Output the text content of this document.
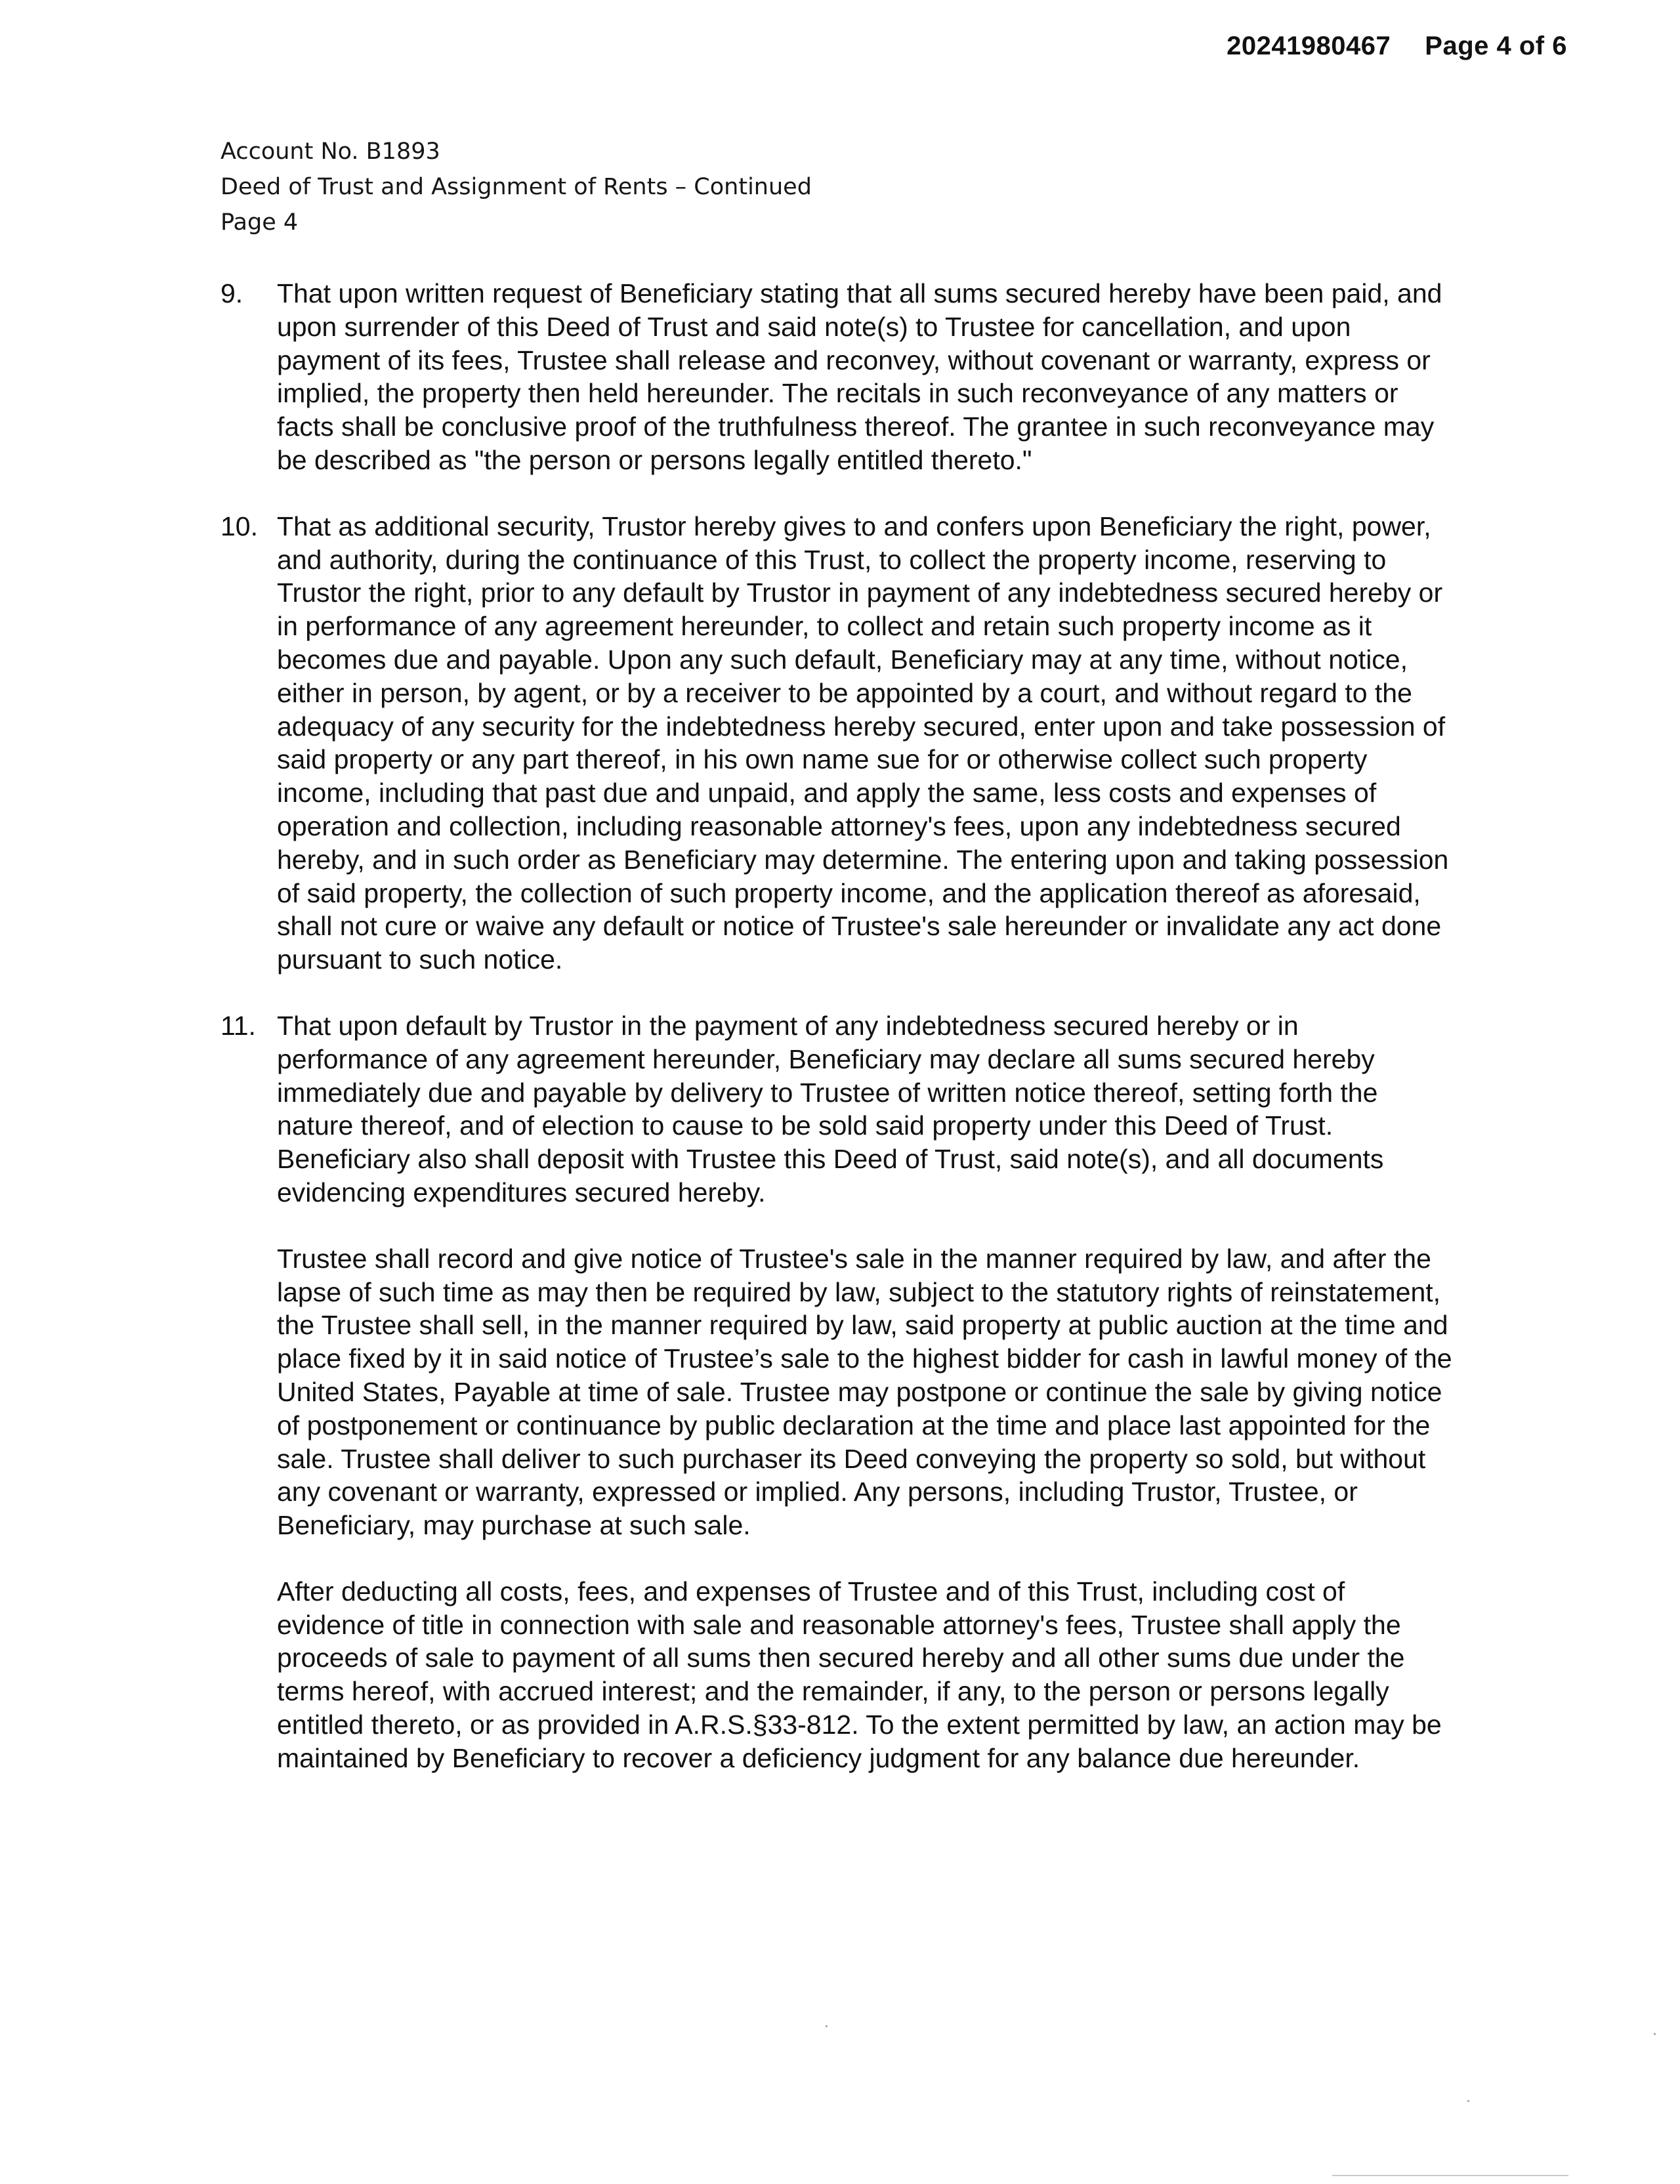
20241980467 Page 4 of 6
Account No. B1893
Deed of Trust and Assignment of Rents – Continued
Page 4
9. That upon written request of Beneficiary stating that all sums secured hereby have been paid, and upon surrender of this Deed of Trust and said note(s) to Trustee for cancellation, and upon payment of its fees, Trustee shall release and reconvey, without covenant or warranty, express or implied, the property then held hereunder. The recitals in such reconveyance of any matters or facts shall be conclusive proof of the truthfulness thereof. The grantee in such reconveyance may be described as "the person or persons legally entitled thereto."

10. That as additional security, Trustor hereby gives to and confers upon Beneficiary the right, power, and authority, during the continuance of this Trust, to collect the property income, reserving to Trustor the right, prior to any default by Trustor in payment of any indebtedness secured hereby or in performance of any agreement hereunder, to collect and retain such property income as it becomes due and payable. Upon any such default, Beneficiary may at any time, without notice, either in person, by agent, or by a receiver to be appointed by a court, and without regard to the adequacy of any security for the indebtedness hereby secured, enter upon and take possession of said property or any part thereof, in his own name sue for or otherwise collect such property income, including that past due and unpaid, and apply the same, less costs and expenses of operation and collection, including reasonable attorney's fees, upon any indebtedness secured hereby, and in such order as Beneficiary may determine. The entering upon and taking possession of said property, the collection of such property income, and the application thereof as aforesaid, shall not cure or waive any default or notice of Trustee's sale hereunder or invalidate any act done pursuant to such notice.

11. That upon default by Trustor in the payment of any indebtedness secured hereby or in performance of any agreement hereunder, Beneficiary may declare all sums secured hereby immediately due and payable by delivery to Trustee of written notice thereof, setting forth the nature thereof, and of election to cause to be sold said property under this Deed of Trust. Beneficiary also shall deposit with Trustee this Deed of Trust, said note(s), and all documents evidencing expenditures secured hereby.

Trustee shall record and give notice of Trustee's sale in the manner required by law, and after the lapse of such time as may then be required by law, subject to the statutory rights of reinstatement, the Trustee shall sell, in the manner required by law, said property at public auction at the time and place fixed by it in said notice of Trustee’s sale to the highest bidder for cash in lawful money of the United States, Payable at time of sale. Trustee may postpone or continue the sale by giving notice of postponement or continuance by public declaration at the time and place last appointed for the sale. Trustee shall deliver to such purchaser its Deed conveying the property so sold, but without any covenant or warranty, expressed or implied. Any persons, including Trustor, Trustee, or Beneficiary, may purchase at such sale.

After deducting all costs, fees, and expenses of Trustee and of this Trust, including cost of evidence of title in connection with sale and reasonable attorney's fees, Trustee shall apply the proceeds of sale to payment of all sums then secured hereby and all other sums due under the terms hereof, with accrued interest; and the remainder, if any, to the person or persons legally entitled thereto, or as provided in A.R.S.§33-812. To the extent permitted by law, an action may be maintained by Beneficiary to recover a deficiency judgment for any balance due hereunder.
